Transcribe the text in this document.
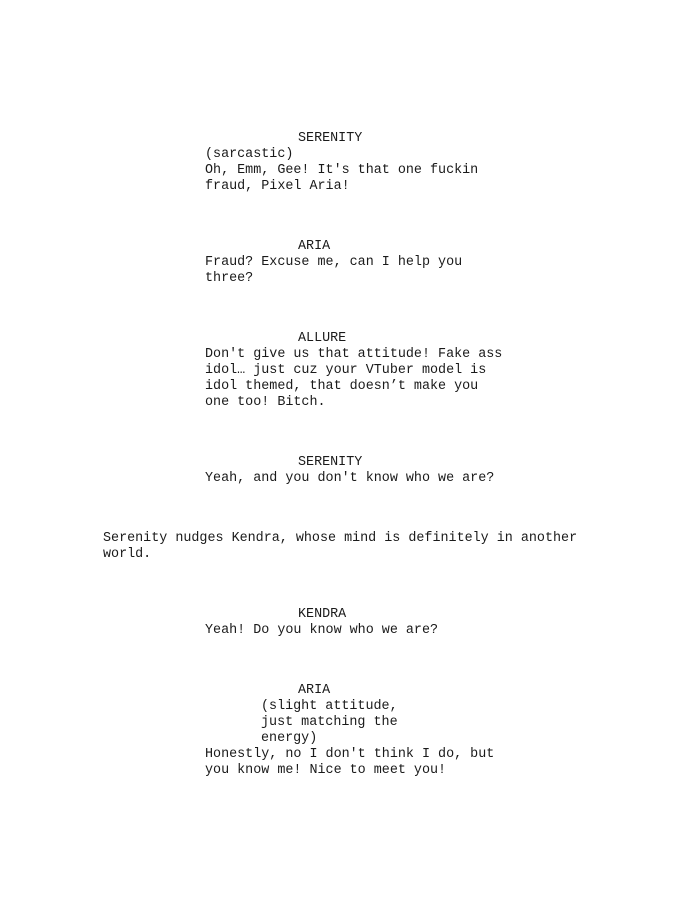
SERENITY
(sarcastic)
Oh, Emm, Gee! It's that one fuckin
fraud, Pixel Aria!
ARIA
Fraud? Excuse me, can I help you
three?
ALLURE
Don't give us that attitude! Fake ass
idol… just cuz your VTuber model is
idol themed, that doesn’t make you
one too! Bitch.
SERENITY
Yeah, and you don't know who we are?
Serenity nudges Kendra, whose mind is definitely in another
world.
KENDRA
Yeah! Do you know who we are?
ARIA
(slight attitude,
just matching the
energy)
Honestly, no I don't think I do, but
you know me! Nice to meet you!
